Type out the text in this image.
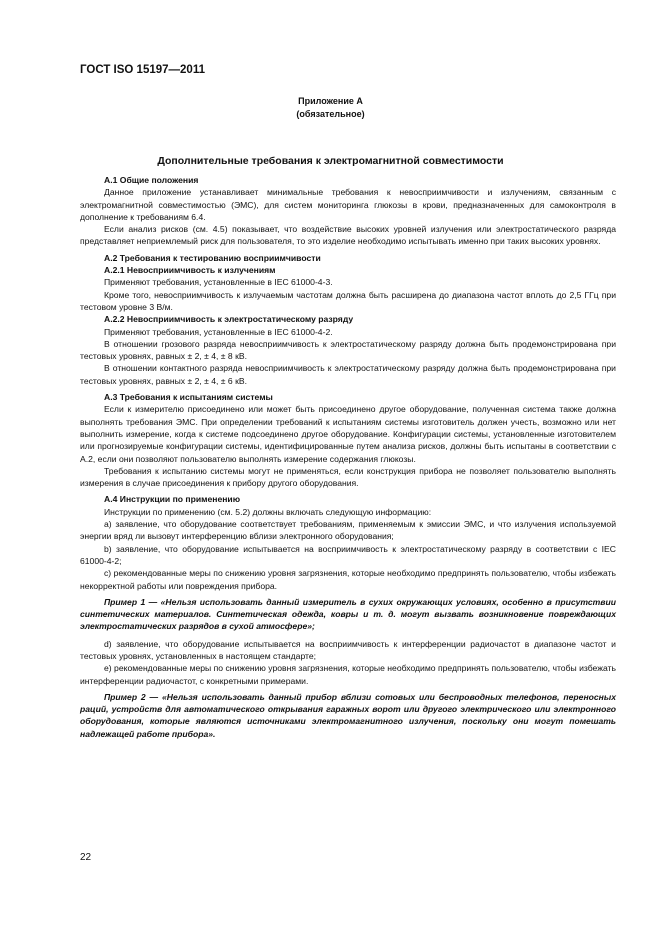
ГОСТ ISO 15197—2011
Приложение А
(обязательное)
Дополнительные требования к электромагнитной совместимости

А.1 Общие положения

Данное приложение устанавливает минимальные требования к невосприимчивости и излучениям, связанным с электромагнитной совместимостью (ЭМС), для систем мониторинга глюкозы в крови, предназначенных для самоконтроля в дополнение к требованиям 6.4.

Если анализ рисков (см. 4.5) показывает, что воздействие высоких уровней излучения или электростатического разряда представляет неприемлемый риск для пользователя, то это изделие необходимо испытывать именно при таких высоких уровнях.

А.2 Требования к тестированию восприимчивости

А.2.1 Невосприимчивость к излучениям

Применяют требования, установленные в IEC 61000-4-3.

Кроме того, невосприимчивость к излучаемым частотам должна быть расширена до диапазона частот вплоть до 2,5 ГГц при тестовом уровне 3 В/м.

А.2.2 Невосприимчивость к электростатическому разряду

Применяют требования, установленные в IEC 61000-4-2.

В отношении грозового разряда невосприимчивость к электростатическому разряду должна быть продемонстрирована при тестовых уровнях, равных ± 2, ± 4, ± 8 кВ.

В отношении контактного разряда невосприимчивость к электростатическому разряду должна быть продемонстрирована при тестовых уровнях, равных ± 2, ± 4, ± 6 кВ.

А.3 Требования к испытаниям системы

Если к измерителю присоединено или может быть присоединено другое оборудование, полученная система также должна выполнять требования ЭМС. При определении требований к испытаниям системы изготовитель должен учесть, возможно или нет выполнить измерение, когда к системе подсоединено другое оборудование. Конфигурации системы, установленные изготовителем или прогнозируемые конфигурации системы, идентифицированные путем анализа рисков, должны быть испытаны в соответствии с А.2, если они позволяют пользователю выполнять измерение содержания глюкозы.

Требования к испытанию системы могут не применяться, если конструкция прибора не позволяет пользователю выполнять измерения в случае присоединения к прибору другого оборудования.

А.4 Инструкции по применению

Инструкции по применению (см. 5.2) должны включать следующую информацию:

a) заявление, что оборудование соответствует требованиям, применяемым к эмиссии ЭМС, и что излучения используемой энергии вряд ли вызовут интерференцию вблизи электронного оборудования;

b) заявление, что оборудование испытывается на восприимчивость к электростатическому разряду в соответствии с IEC 61000-4-2;

c) рекомендованные меры по снижению уровня загрязнения, которые необходимо предпринять пользователю, чтобы избежать некорректной работы или повреждения прибора.

Пример 1 — «Нельзя использовать данный измеритель в сухих окружающих условиях, особенно в присутствии синтетических материалов. Синтетическая одежда, ковры и т. д. могут вызвать возникновение повреждающих электростатических разрядов в сухой атмосфере»;

d) заявление, что оборудование испытывается на восприимчивость к интерференции радиочастот в диапазоне частот и тестовых уровнях, установленных в настоящем стандарте;

e) рекомендованные меры по снижению уровня загрязнения, которые необходимо предпринять пользователю, чтобы избежать интерференции радиочастот, с конкретными примерами.

Пример 2 — «Нельзя использовать данный прибор вблизи сотовых или беспроводных телефонов, переносных раций, устройств для автоматического открывания гаражных ворот или другого электрического или электронного оборудования, которые являются источниками электромагнитного излучения, поскольку они могут помешать надлежащей работе прибора».

22
